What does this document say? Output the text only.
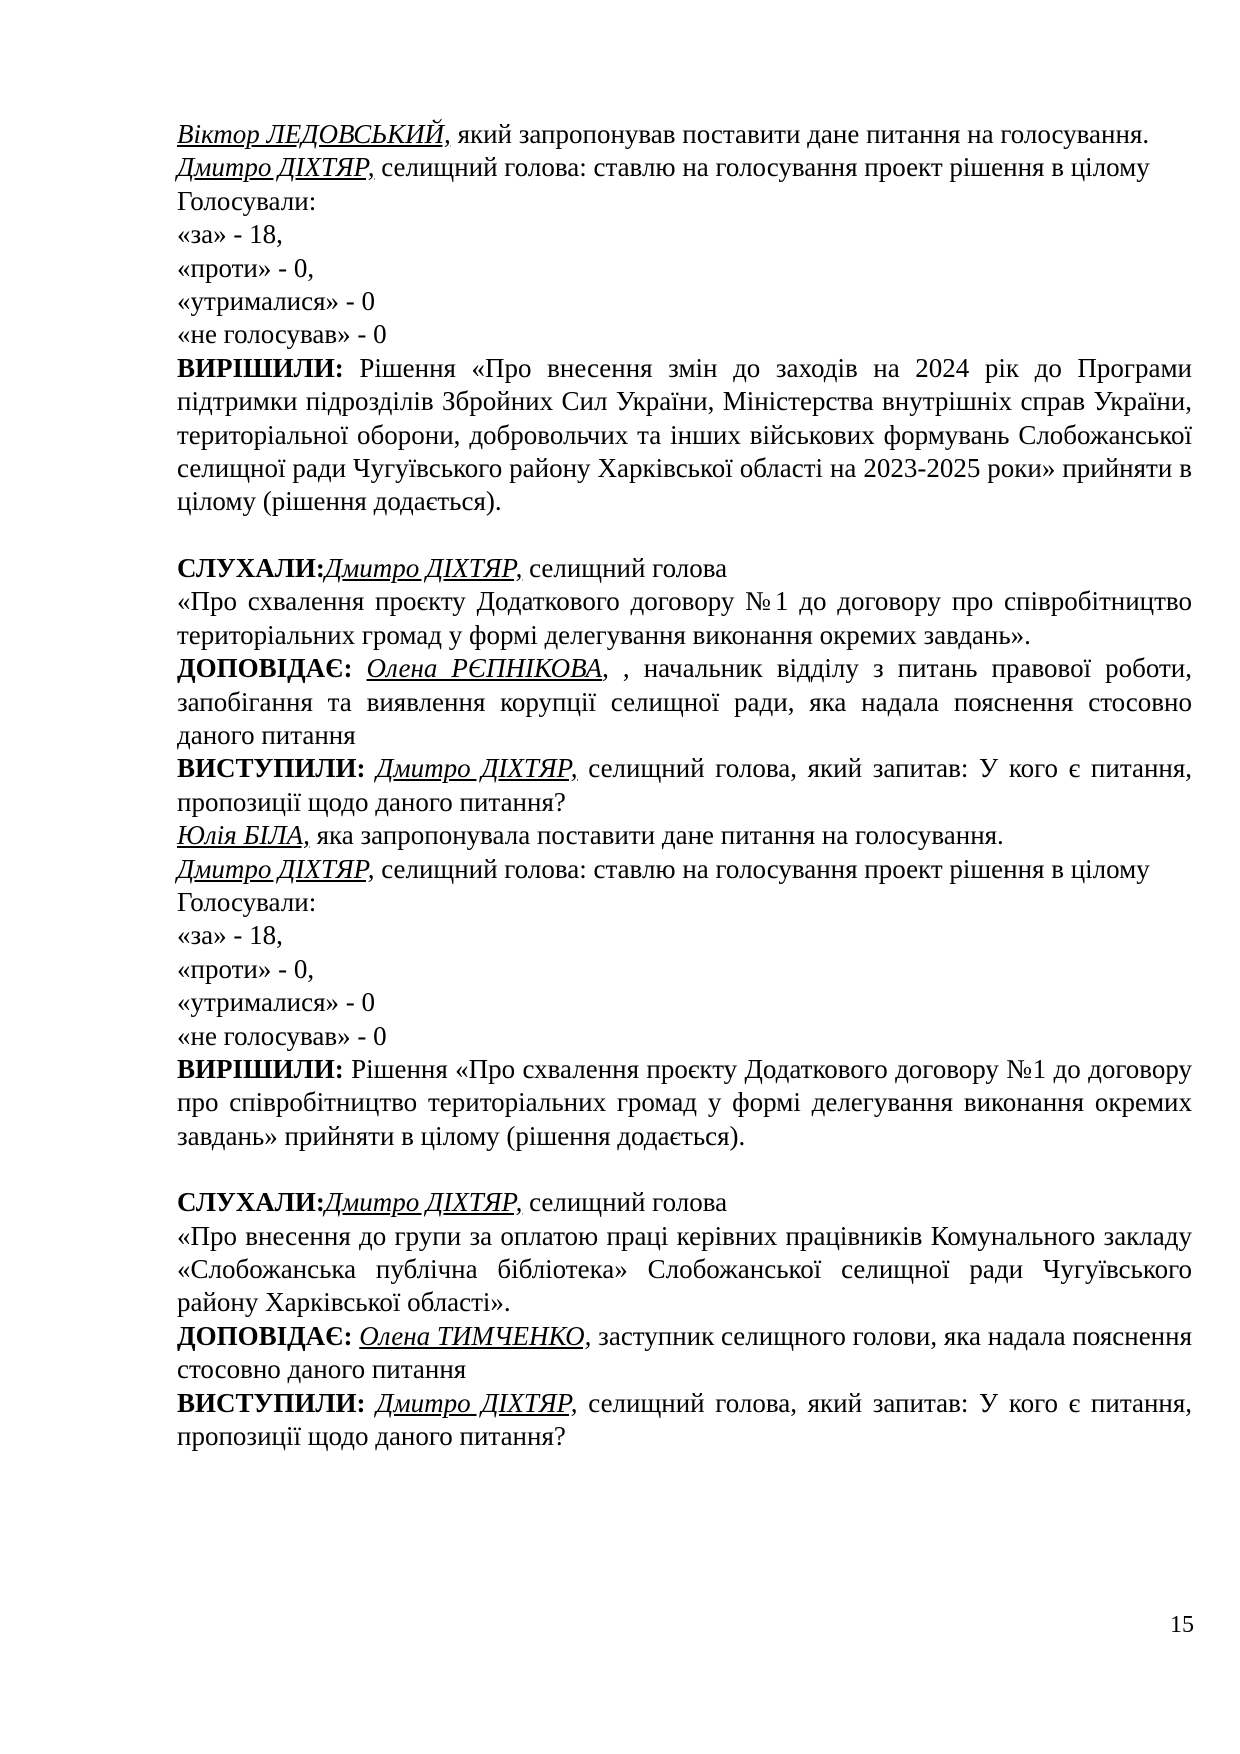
Віктор ЛЕДОВСЬКИЙ, який запропонував поставити дане питання на голосування.

Дмитро ДІХТЯР, селищний голова: ставлю на голосування проект рішення в цілому

Голосували:

«за» - 18,

«проти» - 0,

«утрималися» - 0

«не голосував» - 0

ВИРІШИЛИ: Рішення «Про внесення змін до заходів на 2024 рік до Програми підтримки підрозділів Збройних Сил України, Міністерства внутрішніх справ України, територіальної оборони, добровольчих та інших військових формувань Слобожанської селищної ради Чугуївського району Харківської області на 2023-2025 роки» прийняти в цілому (рішення додається).

СЛУХАЛИ:Дмитро ДІХТЯР, селищний голова

«Про схвалення проєкту Додаткового договору №1 до договору про співробітництво територіальних громад у формі делегування виконання окремих завдань».

ДОПОВІДАЄ: Олена РЄПНІКОВА, , начальник відділу з питань правової роботи, запобігання та виявлення корупції селищної ради, яка надала пояснення стосовно даного питання

ВИСТУПИЛИ: Дмитро ДІХТЯР, селищний голова, який запитав: У кого є питання, пропозиції щодо даного питання?

Юлія БІЛА, яка запропонувала поставити дане питання на голосування.

Дмитро ДІХТЯР, селищний голова: ставлю на голосування проект рішення в цілому

Голосували:

«за» - 18,

«проти» - 0,

«утрималися» - 0

«не голосував» - 0

ВИРІШИЛИ: Рішення «Про схвалення проєкту Додаткового договору №1 до договору про співробітництво територіальних громад у формі делегування виконання окремих завдань» прийняти в цілому (рішення додається).

СЛУХАЛИ:Дмитро ДІХТЯР, селищний голова

«Про внесення до групи за оплатою праці керівних працівників Комунального закладу «Слобожанська публічна бібліотека» Слобожанської селищної ради Чугуївського району Харківської області».

ДОПОВІДАЄ: Олена ТИМЧЕНКО, заступник селищного голови, яка надала пояснення стосовно даного питання

ВИСТУПИЛИ: Дмитро ДІХТЯР, селищний голова, який запитав: У кого є питання, пропозиції щодо даного питання?

15
